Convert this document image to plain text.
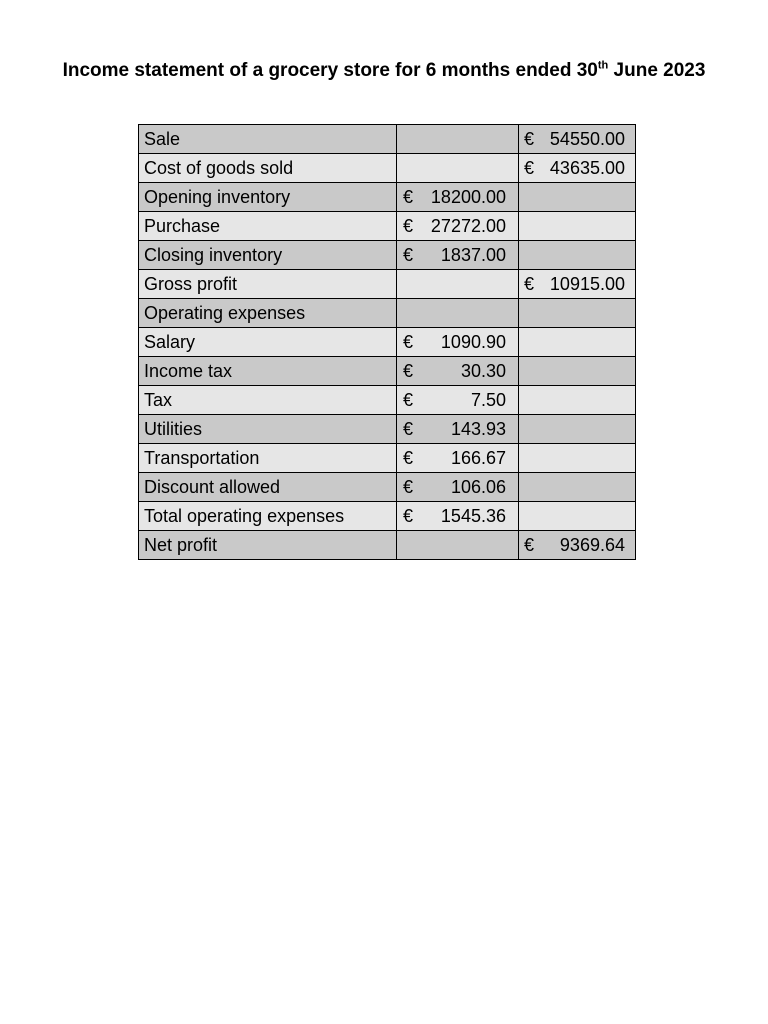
Income statement of a grocery store for 6 months ended 30th June 2023
Sale		€ 54550.00

Cost of goods sold		€ 43635.00

Opening inventory	€ 18200.00	

Purchase	€ 27272.00	

Closing inventory	€ 1837.00	

Gross profit		€ 10915.00

Operating expenses	

Salary	€ 1090.90	

Income tax	€ 30.30	

Tax	€ 7.50	

Utilities	€ 143.93	

Transportation	€ 166.67	

Discount allowed	€ 106.06	

Total operating expenses	€ 1545.36	

Net profit		€ 9369.64
